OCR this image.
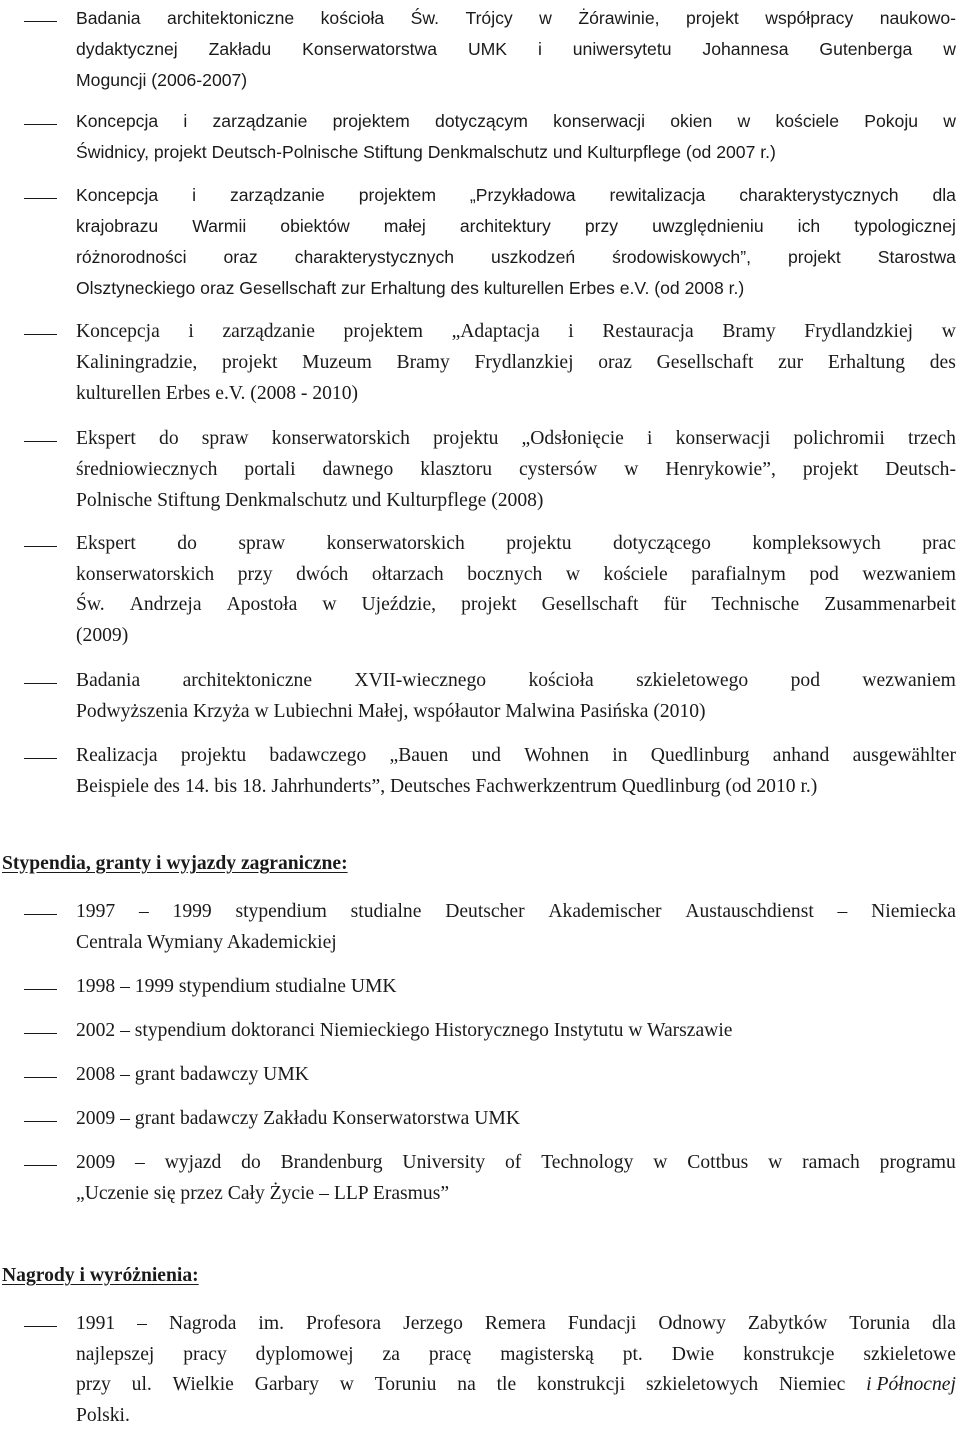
Badania architektoniczne kościoła Św. Trójcy w Żórawinie, projekt współpracy naukowo-
dydaktycznej Zakładu Konserwatorstwa UMK i uniwersytetu Johannesa Gutenberga w
Moguncji (2006-2007)
Koncepcja i zarządzanie projektem dotyczącym konserwacji okien w kościele Pokoju w
Świdnicy, projekt Deutsch-Polnische Stiftung Denkmalschutz und Kulturpflege (od 2007 r.)
Koncepcja i zarządzanie projektem „Przykładowa rewitalizacja charakterystycznych dla
krajobrazu Warmii obiektów małej architektury przy uwzględnieniu ich typologicznej
różnorodności oraz charakterystycznych uszkodzeń środowiskowych”, projekt Starostwa
Olsztyneckiego oraz Gesellschaft zur Erhaltung des kulturellen Erbes e.V. (od 2008 r.)
Koncepcja i zarządzanie projektem „Adaptacja i Restauracja Bramy Frydlandzkiej w
Kaliningradzie, projekt Muzeum Bramy Frydlanzkiej oraz Gesellschaft zur Erhaltung des
kulturellen Erbes e.V. (2008 - 2010)
Ekspert do spraw konserwatorskich projektu „Odsłonięcie i konserwacji polichromii trzech
średniowiecznych portali dawnego klasztoru cystersów w Henrykowie”, projekt Deutsch-
Polnische Stiftung Denkmalschutz und Kulturpflege (2008)
Ekspert do spraw konserwatorskich projektu dotyczącego kompleksowych prac
konserwatorskich przy dwóch ołtarzach bocznych w kościele parafialnym pod wezwaniem
Św. Andrzeja Apostoła w Ujeździe, projekt Gesellschaft für Technische Zusammenarbeit
(2009)
Badania architektoniczne XVII-wiecznego kościoła szkieletowego pod wezwaniem
Podwyższenia Krzyża w Lubiechni Małej, współautor Malwina Pasińska (2010)
Realizacja projektu badawczego „Bauen und Wohnen in Quedlinburg anhand ausgewählter
Beispiele des 14. bis 18. Jahrhunderts”, Deutsches Fachwerkzentrum Quedlinburg (od 2010 r.)
Stypendia, granty i wyjazdy zagraniczne:
1997 – 1999 stypendium studialne Deutscher Akademischer Austauschdienst – Niemiecka
Centrala Wymiany Akademickiej
1998 – 1999 stypendium studialne UMK
2002 – stypendium doktoranci Niemieckiego Historycznego Instytutu w Warszawie
2008 – grant badawczy UMK
2009 – grant badawczy Zakładu Konserwatorstwa UMK
2009 – wyjazd do Brandenburg University of Technology w Cottbus w ramach programu
„Uczenie się przez Cały Życie – LLP Erasmus”
Nagrody i wyróżnienia:
1991 – Nagroda im. Profesora Jerzego Remera Fundacji Odnowy Zabytków Torunia dla
najlepszej pracy dyplomowej za pracę magisterską pt. Dwie konstrukcje szkieletowe
przy ul. Wielkie Garbary w Toruniu na tle konstrukcji szkieletowych Niemiec i Północnej
Polski.
